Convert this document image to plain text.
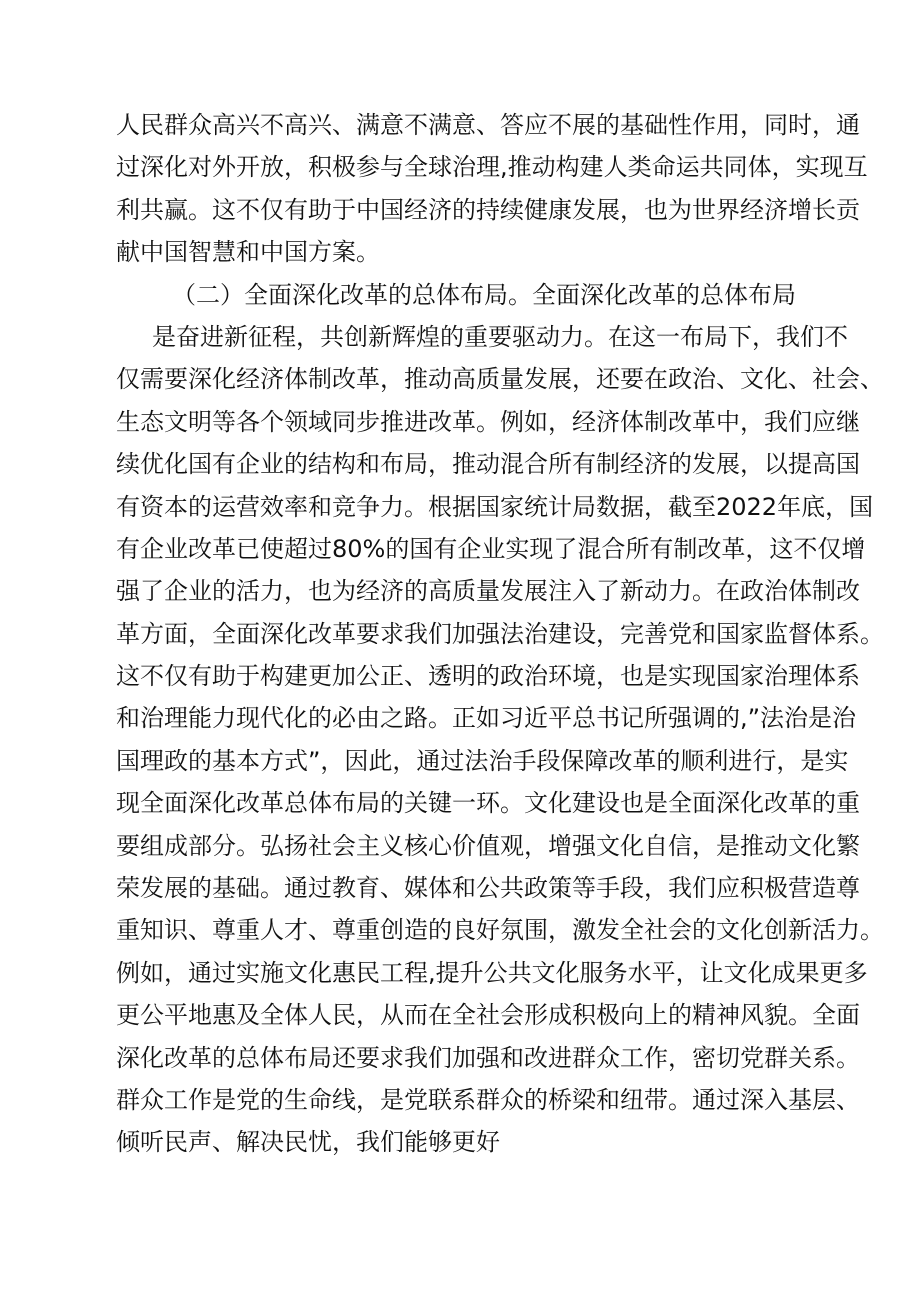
人民群众高兴不高兴、满意不满意、答应不展的基础性作用，同时，通
过深化对外开放，积极参与全球治理,推动构建人类命运共同体，实现互
利共赢。这不仅有助于中国经济的持续健康发展，也为世界经济增长贡
献中国智慧和中国方案。
（二）全面深化改革的总体布局。全面深化改革的总体布局
是奋进新征程，共创新辉煌的重要驱动力。在这一布局下，我们不
仅需要深化经济体制改革，推动高质量发展，还要在政治、文化、社会、
生态文明等各个领域同步推进改革。例如，经济体制改革中，我们应继
续优化国有企业的结构和布局，推动混合所有制经济的发展，以提高国
有资本的运营效率和竞争力。根据国家统计局数据，截至2022年底，国
有企业改革已使超过80%的国有企业实现了混合所有制改革，这不仅增
强了企业的活力，也为经济的高质量发展注入了新动力。在政治体制改
革方面，全面深化改革要求我们加强法治建设，完善党和国家监督体系。
这不仅有助于构建更加公正、透明的政治环境，也是实现国家治理体系
和治理能力现代化的必由之路。正如习近平总书记所强调的,”法治是治
国理政的基本方式”，因此，通过法治手段保障改革的顺利进行，是实
现全面深化改革总体布局的关键一环。文化建设也是全面深化改革的重
要组成部分。弘扬社会主义核心价值观，增强文化自信，是推动文化繁
荣发展的基础。通过教育、媒体和公共政策等手段，我们应积极营造尊
重知识、尊重人才、尊重创造的良好氛围，激发全社会的文化创新活力。
例如，通过实施文化惠民工程,提升公共文化服务水平，让文化成果更多
更公平地惠及全体人民，从而在全社会形成积极向上的精神风貌。全面
深化改革的总体布局还要求我们加强和改进群众工作，密切党群关系。
群众工作是党的生命线，是党联系群众的桥梁和纽带。通过深入基层、
倾听民声、解决民忧，我们能够更好
